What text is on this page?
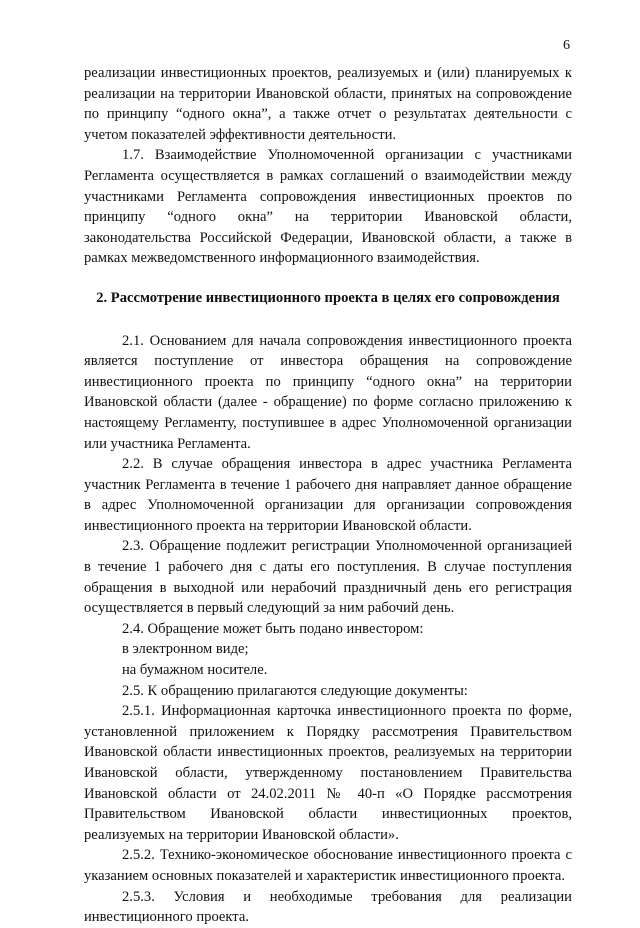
6

реализации инвестиционных проектов, реализуемых и (или) планируемых к реализации на территории Ивановской области, принятых на сопровождение по принципу “одного окна”, а также отчет о результатах деятельности с учетом показателей эффективности деятельности.

1.7. Взаимодействие Уполномоченной организации с участниками Регламента осуществляется в рамках соглашений о взаимодействии между участниками Регламента сопровождения инвестиционных проектов по принципу “одного окна” на территории Ивановской области, законодательства Российской Федерации, Ивановской области, а также в рамках межведомственного информационного взаимодействия.

2. Рассмотрение инвестиционного проекта в целях его сопровождения

2.1. Основанием для начала сопровождения инвестиционного проекта является поступление от инвестора обращения на сопровождение инвестиционного проекта по принципу “одного окна” на территории Ивановской области (далее - обращение) по форме согласно приложению к настоящему Регламенту, поступившее в адрес Уполномоченной организации или участника Регламента.

2.2. В случае обращения инвестора в адрес участника Регламента участник Регламента в течение 1 рабочего дня направляет данное обращение в адрес Уполномоченной организации для организации сопровождения инвестиционного проекта на территории Ивановской области.

2.3. Обращение подлежит регистрации Уполномоченной организацией в течение 1 рабочего дня с даты его поступления. В случае поступления обращения в выходной или нерабочий праздничный день его регистрация осуществляется в первый следующий за ним рабочий день.

2.4. Обращение может быть подано инвестором:

в электронном виде;

на бумажном носителе.

2.5. К обращению прилагаются следующие документы:

2.5.1. Информационная карточка инвестиционного проекта по форме, установленной приложением к Порядку рассмотрения Правительством Ивановской области инвестиционных проектов, реализуемых на территории Ивановской области, утвержденному постановлением Правительства Ивановской области от 24.02.2011 № 40-п «О Порядке рассмотрения Правительством Ивановской области инвестиционных проектов, реализуемых на территории Ивановской области».

2.5.2. Технико-экономическое обоснование инвестиционного проекта с указанием основных показателей и характеристик инвестиционного проекта.

2.5.3. Условия и необходимые требования для реализации инвестиционного проекта.
